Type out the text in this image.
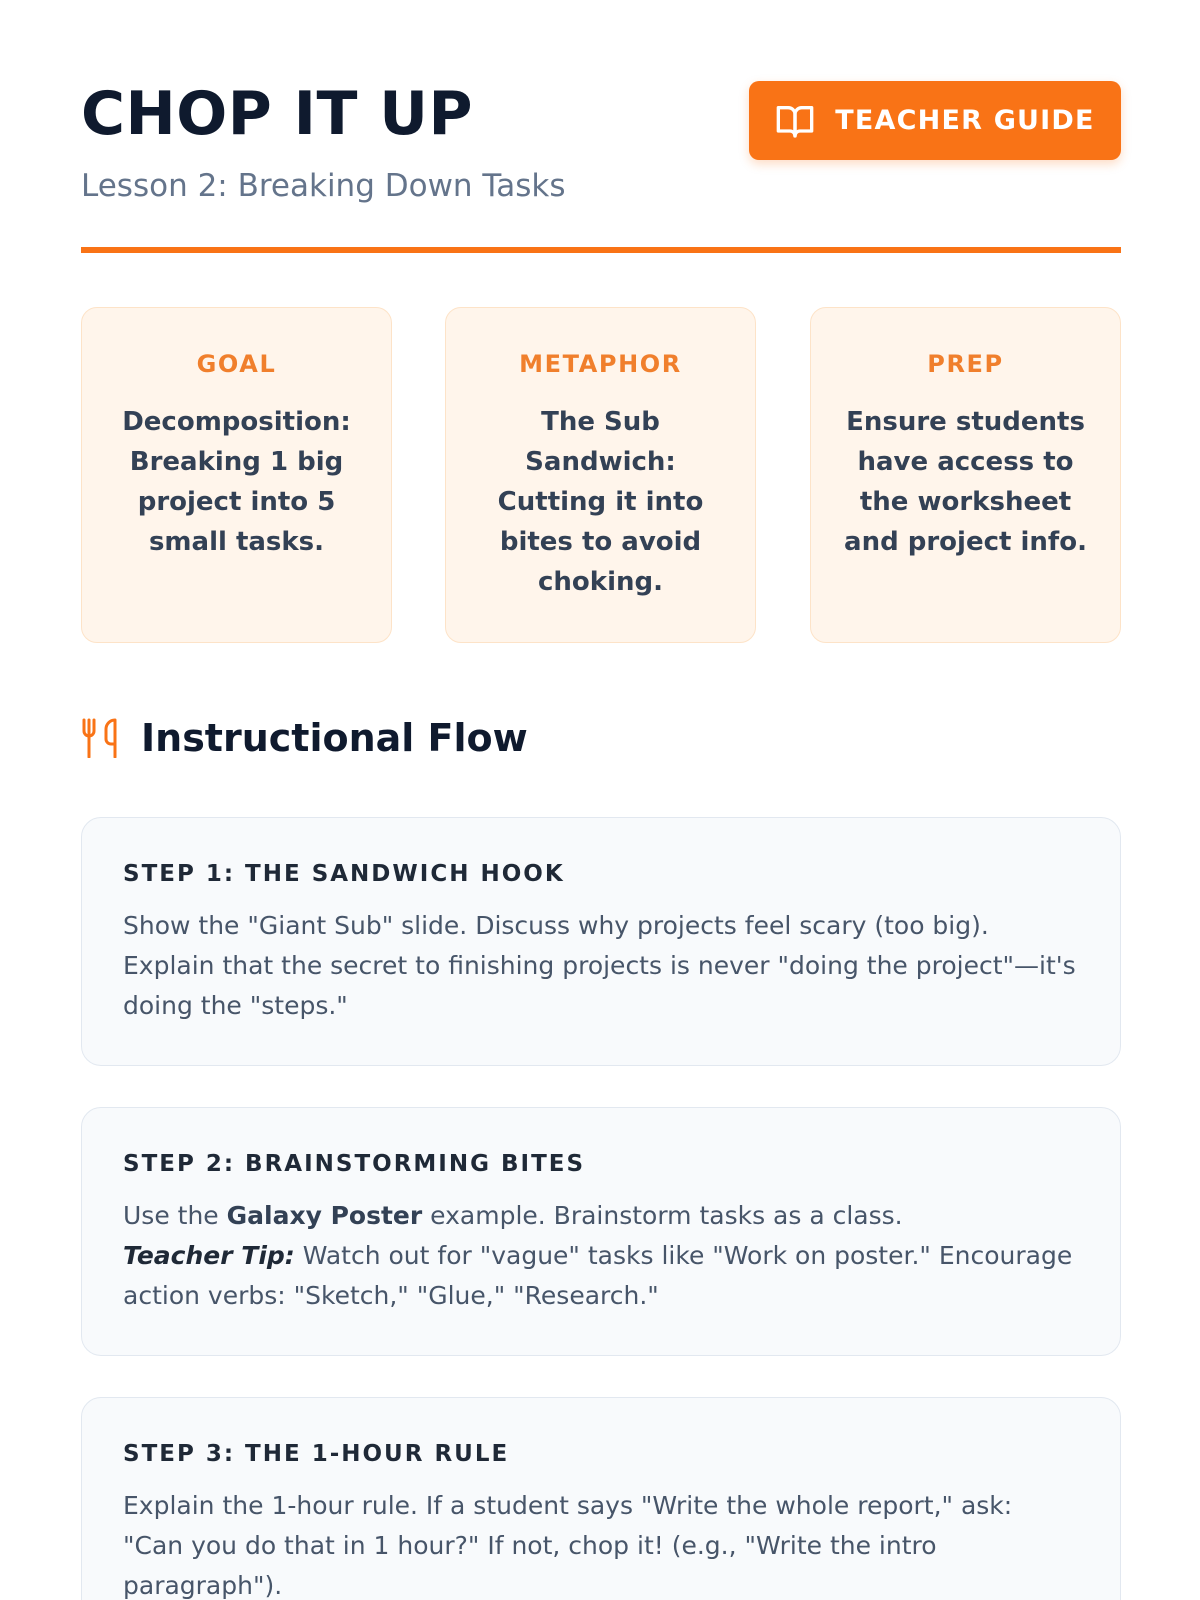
CHOP IT UP
Lesson 2: Breaking Down Tasks
TEACHER GUIDE
GOAL
Decomposition: Breaking 1 big project into 5 small tasks.
METAPHOR
The Sub Sandwich: Cutting it into bites to avoid choking.
PREP
Ensure students have access to the worksheet and project info.
Instructional Flow
STEP 1: THE SANDWICH HOOK

Show the "Giant Sub" slide. Discuss why projects feel scary (too big). Explain that the secret to finishing projects is never "doing the project"—it's doing the "steps."

STEP 2: BRAINSTORMING BITES

Use the Galaxy Poster example. Brainstorm tasks as a class.
Teacher Tip: Watch out for "vague" tasks like "Work on poster." Encourage action verbs: "Sketch," "Glue," "Research."

STEP 3: THE 1-HOUR RULE

Explain the 1-hour rule. If a student says "Write the whole report," ask: "Can you do that in 1 hour?" If not, chop it! (e.g., "Write the intro paragraph").
